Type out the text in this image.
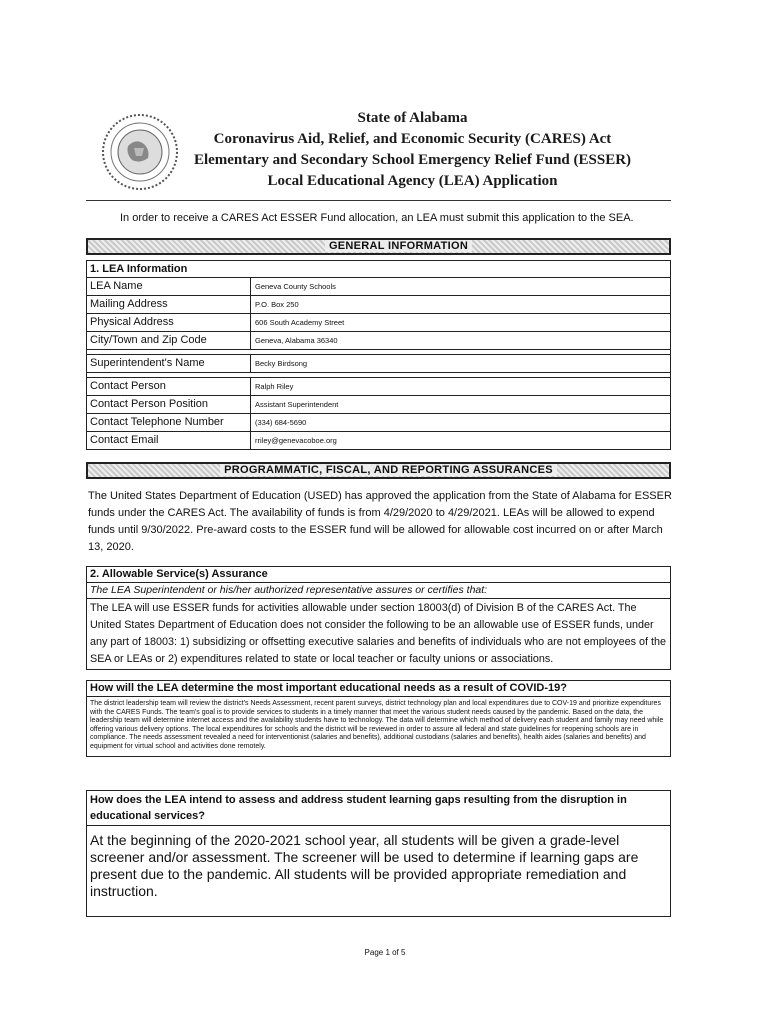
State of Alabama
Coronavirus Aid, Relief, and Economic Security (CARES) Act
Elementary and Secondary School Emergency Relief Fund (ESSER)
Local Educational Agency (LEA) Application
In order to receive a CARES Act ESSER Fund allocation, an LEA must submit this application to the SEA.
GENERAL INFORMATION
1. LEA Information
LEA Name	Geneva County Schools
Mailing Address	P.O. Box 250
Physical Address	606 South Academy Street
City/Town and Zip Code	Geneva, Alabama 36340
Superintendent's Name	Becky Birdsong
Contact Person	Ralph Riley
Contact Person Position	Assistant Superintendent
Contact Telephone Number	(334) 684-5690
Contact Email	rriley@genevacoboe.org
PROGRAMMATIC, FISCAL, AND REPORTING ASSURANCES
The United States Department of Education (USED) has approved the application from the State of Alabama for ESSER funds under the CARES Act. The availability of funds is from 4/29/2020 to 4/29/2021. LEAs will be allowed to expend funds until 9/30/2022. Pre-award costs to the ESSER fund will be allowed for allowable cost incurred on or after March 13, 2020.
2. Allowable Service(s) Assurance
The LEA Superintendent or his/her authorized representative assures or certifies that:
The LEA will use ESSER funds for activities allowable under section 18003(d) of Division B of the CARES Act. The United States Department of Education does not consider the following to be an allowable use of ESSER funds, under any part of 18003: 1) subsidizing or offsetting executive salaries and benefits of individuals who are not employees of the SEA or LEAs or 2) expenditures related to state or local teacher or faculty unions or associations.
How will the LEA determine the most important educational needs as a result of COVID-19?
The district leadership team will review the district's Needs Assessment, recent parent surveys, district technology plan and local expenditures due to COV-19 and prioritize expenditures with the CARES Funds. The team's goal is to provide services to students in a timely manner that meet the various student needs caused by the pandemic. Based on the data, the leadership team will determine internet access and the availability students have to technology. The data will determine which method of delivery each student and family may need while offering various delivery options. The local expenditures for schools and the district will be reviewed in order to assure all federal and state guidelines for reopening schools are in compliance. The needs assessment revealed a need for interventionist (salaries and benefits), additional custodians (salaries and benefits), health aides (salaries and benefits) and equipment for virtual school and activities done remotely.
How does the LEA intend to assess and address student learning gaps resulting from the disruption in educational services?
At the beginning of the 2020-2021 school year, all students will be given a grade-level screener and/or assessment. The screener will be used to determine if learning gaps are present due to the pandemic. All students will be provided appropriate remediation and instruction.
Page 1 of 5
